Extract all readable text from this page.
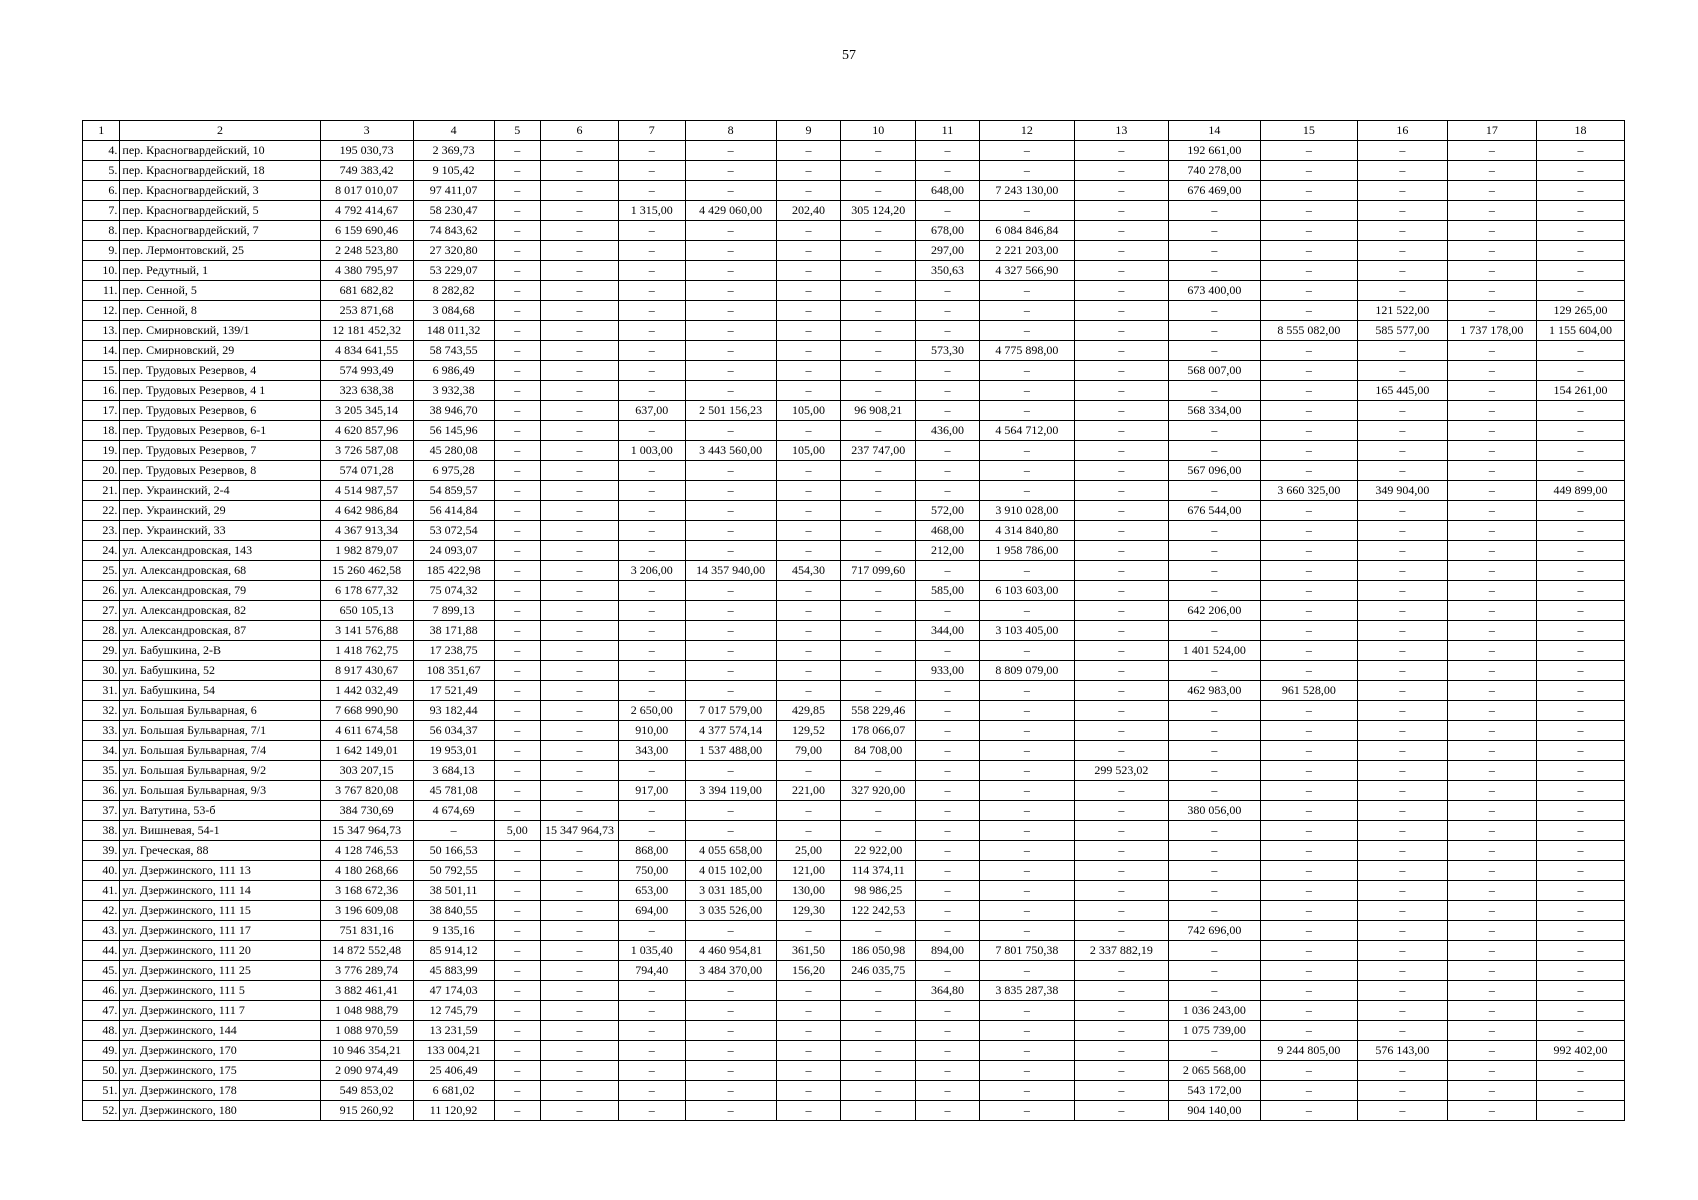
57
1	2	3	4	5	6	7	8	9	10	11	12	13	14	15	16	17	18
4.	пер. Красногвардейский, 10	195 030,73	2 369,73	–	–	–	–	–	–	–	–	–	192 661,00	–	–	–	–
5.	пер. Красногвардейский, 18	749 383,42	9 105,42	–	–	–	–	–	–	–	–	–	740 278,00	–	–	–	–
6.	пер. Красногвардейский, 3	8 017 010,07	97 411,07	–	–	–	–	–	–	648,00	7 243 130,00	–	676 469,00	–	–	–	–
7.	пер. Красногвардейский, 5	4 792 414,67	58 230,47	–	–	1 315,00	4 429 060,00	202,40	305 124,20	–	–	–	–	–	–	–	–
8.	пер. Красногвардейский, 7	6 159 690,46	74 843,62	–	–	–	–	–	–	678,00	6 084 846,84	–	–	–	–	–	–
9.	пер. Лермонтовский, 25	2 248 523,80	27 320,80	–	–	–	–	–	–	297,00	2 221 203,00	–	–	–	–	–	–
10.	пер. Редутный, 1	4 380 795,97	53 229,07	–	–	–	–	–	–	350,63	4 327 566,90	–	–	–	–	–	–
11.	пер. Сенной, 5	681 682,82	8 282,82	–	–	–	–	–	–	–	–	–	673 400,00	–	–	–	–
12.	пер. Сенной, 8	253 871,68	3 084,68	–	–	–	–	–	–	–	–	–	–	–	121 522,00	–	129 265,00
13.	пер. Смирновский, 139/1	12 181 452,32	148 011,32	–	–	–	–	–	–	–	–	–	–	8 555 082,00	585 577,00	1 737 178,00	1 155 604,00
14.	пер. Смирновский, 29	4 834 641,55	58 743,55	–	–	–	–	–	–	573,30	4 775 898,00	–	–	–	–	–	–
15.	пер. Трудовых Резервов, 4	574 993,49	6 986,49	–	–	–	–	–	–	–	–	–	568 007,00	–	–	–	–
16.	пер. Трудовых Резервов, 4 1	323 638,38	3 932,38	–	–	–	–	–	–	–	–	–	–	–	165 445,00	–	154 261,00
17.	пер. Трудовых Резервов, 6	3 205 345,14	38 946,70	–	–	637,00	2 501 156,23	105,00	96 908,21	–	–	–	568 334,00	–	–	–	–
18.	пер. Трудовых Резервов, 6-1	4 620 857,96	56 145,96	–	–	–	–	–	–	436,00	4 564 712,00	–	–	–	–	–	–
19.	пер. Трудовых Резервов, 7	3 726 587,08	45 280,08	–	–	1 003,00	3 443 560,00	105,00	237 747,00	–	–	–	–	–	–	–	–
20.	пер. Трудовых Резервов, 8	574 071,28	6 975,28	–	–	–	–	–	–	–	–	–	567 096,00	–	–	–	–
21.	пер. Украинский, 2-4	4 514 987,57	54 859,57	–	–	–	–	–	–	–	–	–	–	3 660 325,00	349 904,00	–	449 899,00
22.	пер. Украинский, 29	4 642 986,84	56 414,84	–	–	–	–	–	–	572,00	3 910 028,00	–	676 544,00	–	–	–	–
23.	пер. Украинский, 33	4 367 913,34	53 072,54	–	–	–	–	–	–	468,00	4 314 840,80	–	–	–	–	–	–
24.	ул. Александровская, 143	1 982 879,07	24 093,07	–	–	–	–	–	–	212,00	1 958 786,00	–	–	–	–	–	–
25.	ул. Александровская, 68	15 260 462,58	185 422,98	–	–	3 206,00	14 357 940,00	454,30	717 099,60	–	–	–	–	–	–	–	–
26.	ул. Александровская, 79	6 178 677,32	75 074,32	–	–	–	–	–	–	585,00	6 103 603,00	–	–	–	–	–	–
27.	ул. Александровская, 82	650 105,13	7 899,13	–	–	–	–	–	–	–	–	–	642 206,00	–	–	–	–
28.	ул. Александровская, 87	3 141 576,88	38 171,88	–	–	–	–	–	–	344,00	3 103 405,00	–	–	–	–	–	–
29.	ул. Бабушкина, 2-В	1 418 762,75	17 238,75	–	–	–	–	–	–	–	–	–	1 401 524,00	–	–	–	–
30.	ул. Бабушкина, 52	8 917 430,67	108 351,67	–	–	–	–	–	–	933,00	8 809 079,00	–	–	–	–	–	–
31.	ул. Бабушкина, 54	1 442 032,49	17 521,49	–	–	–	–	–	–	–	–	–	462 983,00	961 528,00	–	–	–
32.	ул. Большая Бульварная, 6	7 668 990,90	93 182,44	–	–	2 650,00	7 017 579,00	429,85	558 229,46	–	–	–	–	–	–	–	–
33.	ул. Большая Бульварная, 7/1	4 611 674,58	56 034,37	–	–	910,00	4 377 574,14	129,52	178 066,07	–	–	–	–	–	–	–	–
34.	ул. Большая Бульварная, 7/4	1 642 149,01	19 953,01	–	–	343,00	1 537 488,00	79,00	84 708,00	–	–	–	–	–	–	–	–
35.	ул. Большая Бульварная, 9/2	303 207,15	3 684,13	–	–	–	–	–	–	–	–	299 523,02	–	–	–	–	–
36.	ул. Большая Бульварная, 9/3	3 767 820,08	45 781,08	–	–	917,00	3 394 119,00	221,00	327 920,00	–	–	–	–	–	–	–	–
37.	ул. Ватутина, 53-б	384 730,69	4 674,69	–	–	–	–	–	–	–	–	–	380 056,00	–	–	–	–
38.	ул. Вишневая, 54-1	15 347 964,73	–	5,00	15 347 964,73	–	–	–	–	–	–	–	–	–	–	–	–
39.	ул. Греческая, 88	4 128 746,53	50 166,53	–	–	868,00	4 055 658,00	25,00	22 922,00	–	–	–	–	–	–	–	–
40.	ул. Дзержинского, 111 13	4 180 268,66	50 792,55	–	–	750,00	4 015 102,00	121,00	114 374,11	–	–	–	–	–	–	–	–
41.	ул. Дзержинского, 111 14	3 168 672,36	38 501,11	–	–	653,00	3 031 185,00	130,00	98 986,25	–	–	–	–	–	–	–	–
42.	ул. Дзержинского, 111 15	3 196 609,08	38 840,55	–	–	694,00	3 035 526,00	129,30	122 242,53	–	–	–	–	–	–	–	–
43.	ул. Дзержинского, 111 17	751 831,16	9 135,16	–	–	–	–	–	–	–	–	–	742 696,00	–	–	–	–
44.	ул. Дзержинского, 111 20	14 872 552,48	85 914,12	–	–	1 035,40	4 460 954,81	361,50	186 050,98	894,00	7 801 750,38	2 337 882,19	–	–	–	–	–
45.	ул. Дзержинского, 111 25	3 776 289,74	45 883,99	–	–	794,40	3 484 370,00	156,20	246 035,75	–	–	–	–	–	–	–	–
46.	ул. Дзержинского, 111 5	3 882 461,41	47 174,03	–	–	–	–	–	–	364,80	3 835 287,38	–	–	–	–	–	–
47.	ул. Дзержинского, 111 7	1 048 988,79	12 745,79	–	–	–	–	–	–	–	–	–	1 036 243,00	–	–	–	–
48.	ул. Дзержинского, 144	1 088 970,59	13 231,59	–	–	–	–	–	–	–	–	–	1 075 739,00	–	–	–	–
49.	ул. Дзержинского, 170	10 946 354,21	133 004,21	–	–	–	–	–	–	–	–	–	–	9 244 805,00	576 143,00	–	992 402,00
50.	ул. Дзержинского, 175	2 090 974,49	25 406,49	–	–	–	–	–	–	–	–	–	2 065 568,00	–	–	–	–
51.	ул. Дзержинского, 178	549 853,02	6 681,02	–	–	–	–	–	–	–	–	–	543 172,00	–	–	–	–
52.	ул. Дзержинского, 180	915 260,92	11 120,92	–	–	–	–	–	–	–	–	–	904 140,00	–	–	–	–
